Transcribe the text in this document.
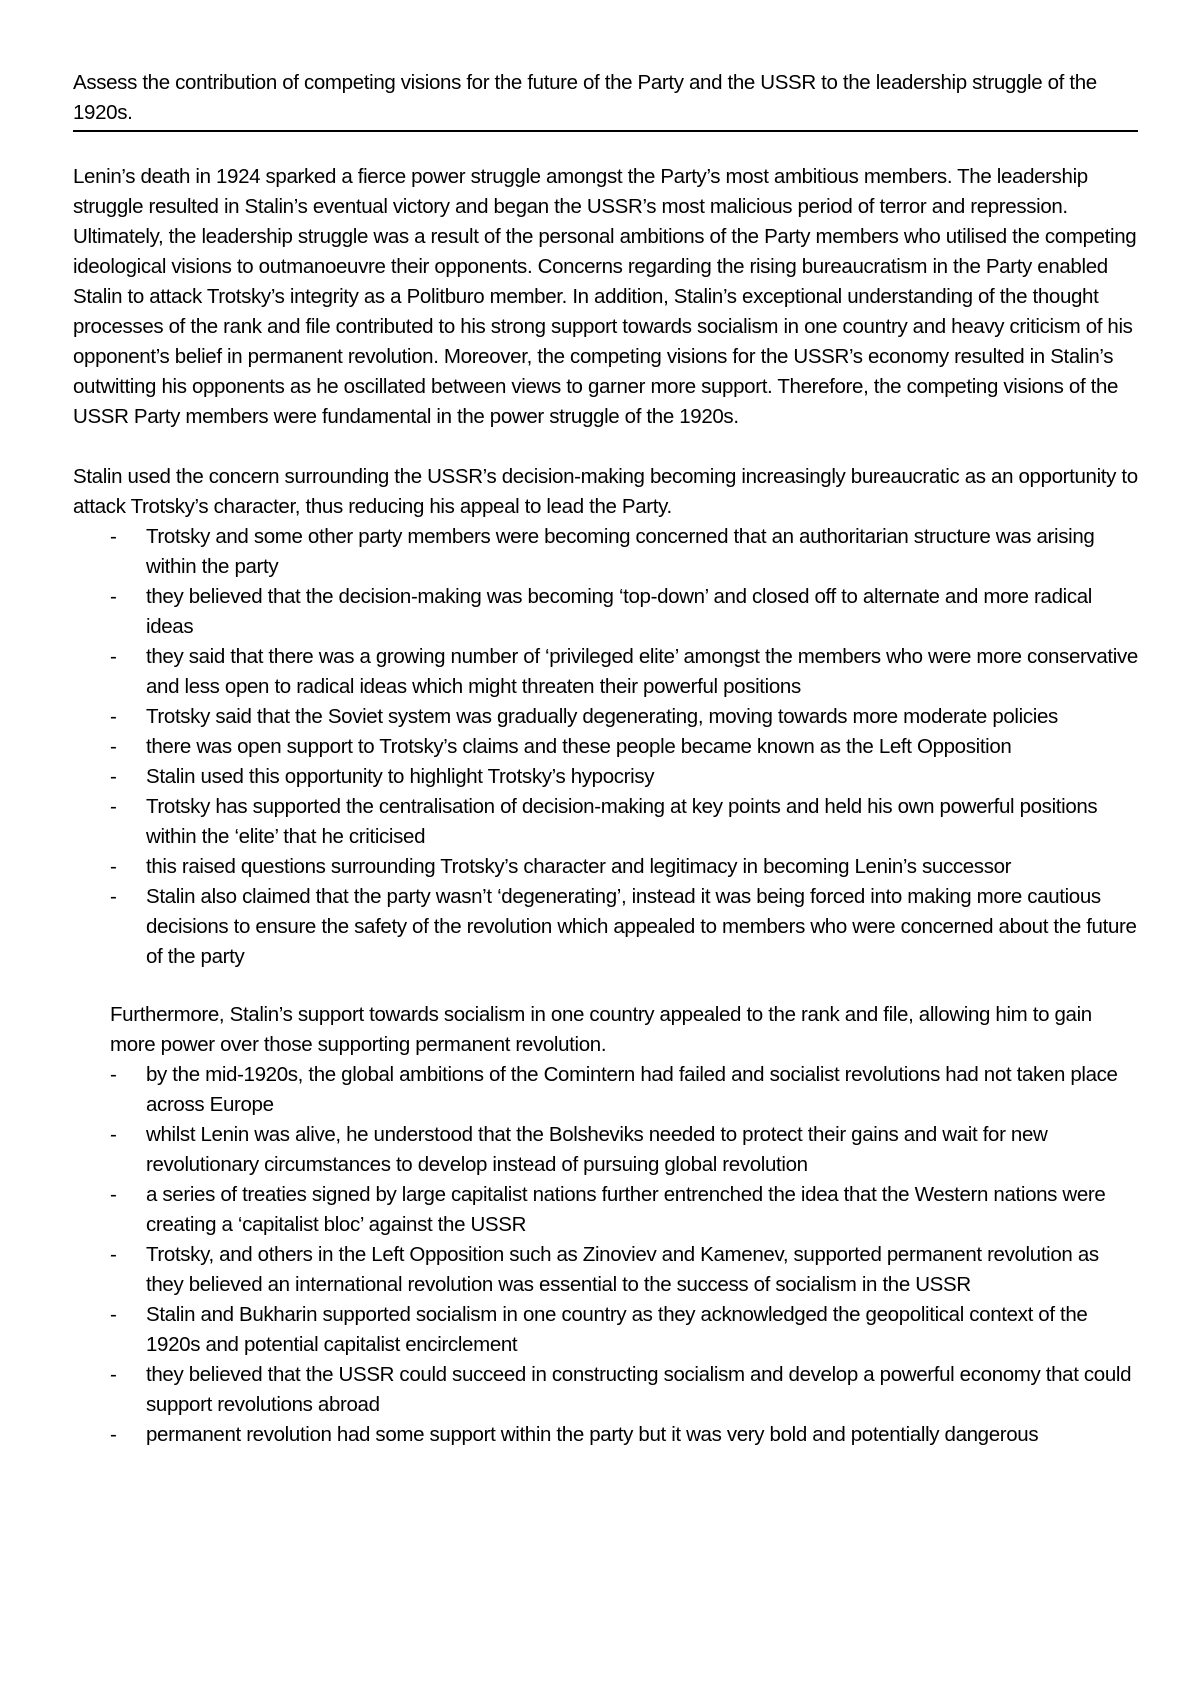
Assess the contribution of competing visions for the future of the Party and the USSR to the leadership struggle of the 1920s.

Lenin’s death in 1924 sparked a fierce power struggle amongst the Party’s most ambitious members. The leadership struggle resulted in Stalin’s eventual victory and began the USSR’s most malicious period of terror and repression. Ultimately, the leadership struggle was a result of the personal ambitions of the Party members who utilised the competing ideological visions to outmanoeuvre their opponents. Concerns regarding the rising bureaucratism in the Party enabled Stalin to attack Trotsky’s integrity as a Politburo member. In addition, Stalin’s exceptional understanding of the thought processes of the rank and file contributed to his strong support towards socialism in one country and heavy criticism of his opponent’s belief in permanent revolution. Moreover, the competing visions for the USSR’s economy resulted in Stalin’s outwitting his opponents as he oscillated between views to garner more support. Therefore, the competing visions of the USSR Party members were fundamental in the power struggle of the 1920s.

Stalin used the concern surrounding the USSR’s decision-making becoming increasingly bureaucratic as an opportunity to attack Trotsky’s character, thus reducing his appeal to lead the Party.

- Trotsky and some other party members were becoming concerned that an authoritarian structure was arising within the party
- they believed that the decision-making was becoming ‘top-down’ and closed off to alternate and more radical ideas
- they said that there was a growing number of ‘privileged elite’ amongst the members who were more conservative and less open to radical ideas which might threaten their powerful positions
- Trotsky said that the Soviet system was gradually degenerating, moving towards more moderate policies
- there was open support to Trotsky’s claims and these people became known as the Left Opposition
- Stalin used this opportunity to highlight Trotsky’s hypocrisy
- Trotsky has supported the centralisation of decision-making at key points and held his own powerful positions within the ‘elite’ that he criticised
- this raised questions surrounding Trotsky’s character and legitimacy in becoming Lenin’s successor
- Stalin also claimed that the party wasn’t ‘degenerating’, instead it was being forced into making more cautious decisions to ensure the safety of the revolution which appealed to members who were concerned about the future of the party

Furthermore, Stalin’s support towards socialism in one country appealed to the rank and file, allowing him to gain more power over those supporting permanent revolution.

- by the mid-1920s, the global ambitions of the Comintern had failed and socialist revolutions had not taken place across Europe
- whilst Lenin was alive, he understood that the Bolsheviks needed to protect their gains and wait for new revolutionary circumstances to develop instead of pursuing global revolution
- a series of treaties signed by large capitalist nations further entrenched the idea that the Western nations were creating a ‘capitalist bloc’ against the USSR
- Trotsky, and others in the Left Opposition such as Zinoviev and Kamenev, supported permanent revolution as they believed an international revolution was essential to the success of socialism in the USSR
- Stalin and Bukharin supported socialism in one country as they acknowledged the geopolitical context of the 1920s and potential capitalist encirclement
- they believed that the USSR could succeed in constructing socialism and develop a powerful economy that could support revolutions abroad
- permanent revolution had some support within the party but it was very bold and potentially dangerous
